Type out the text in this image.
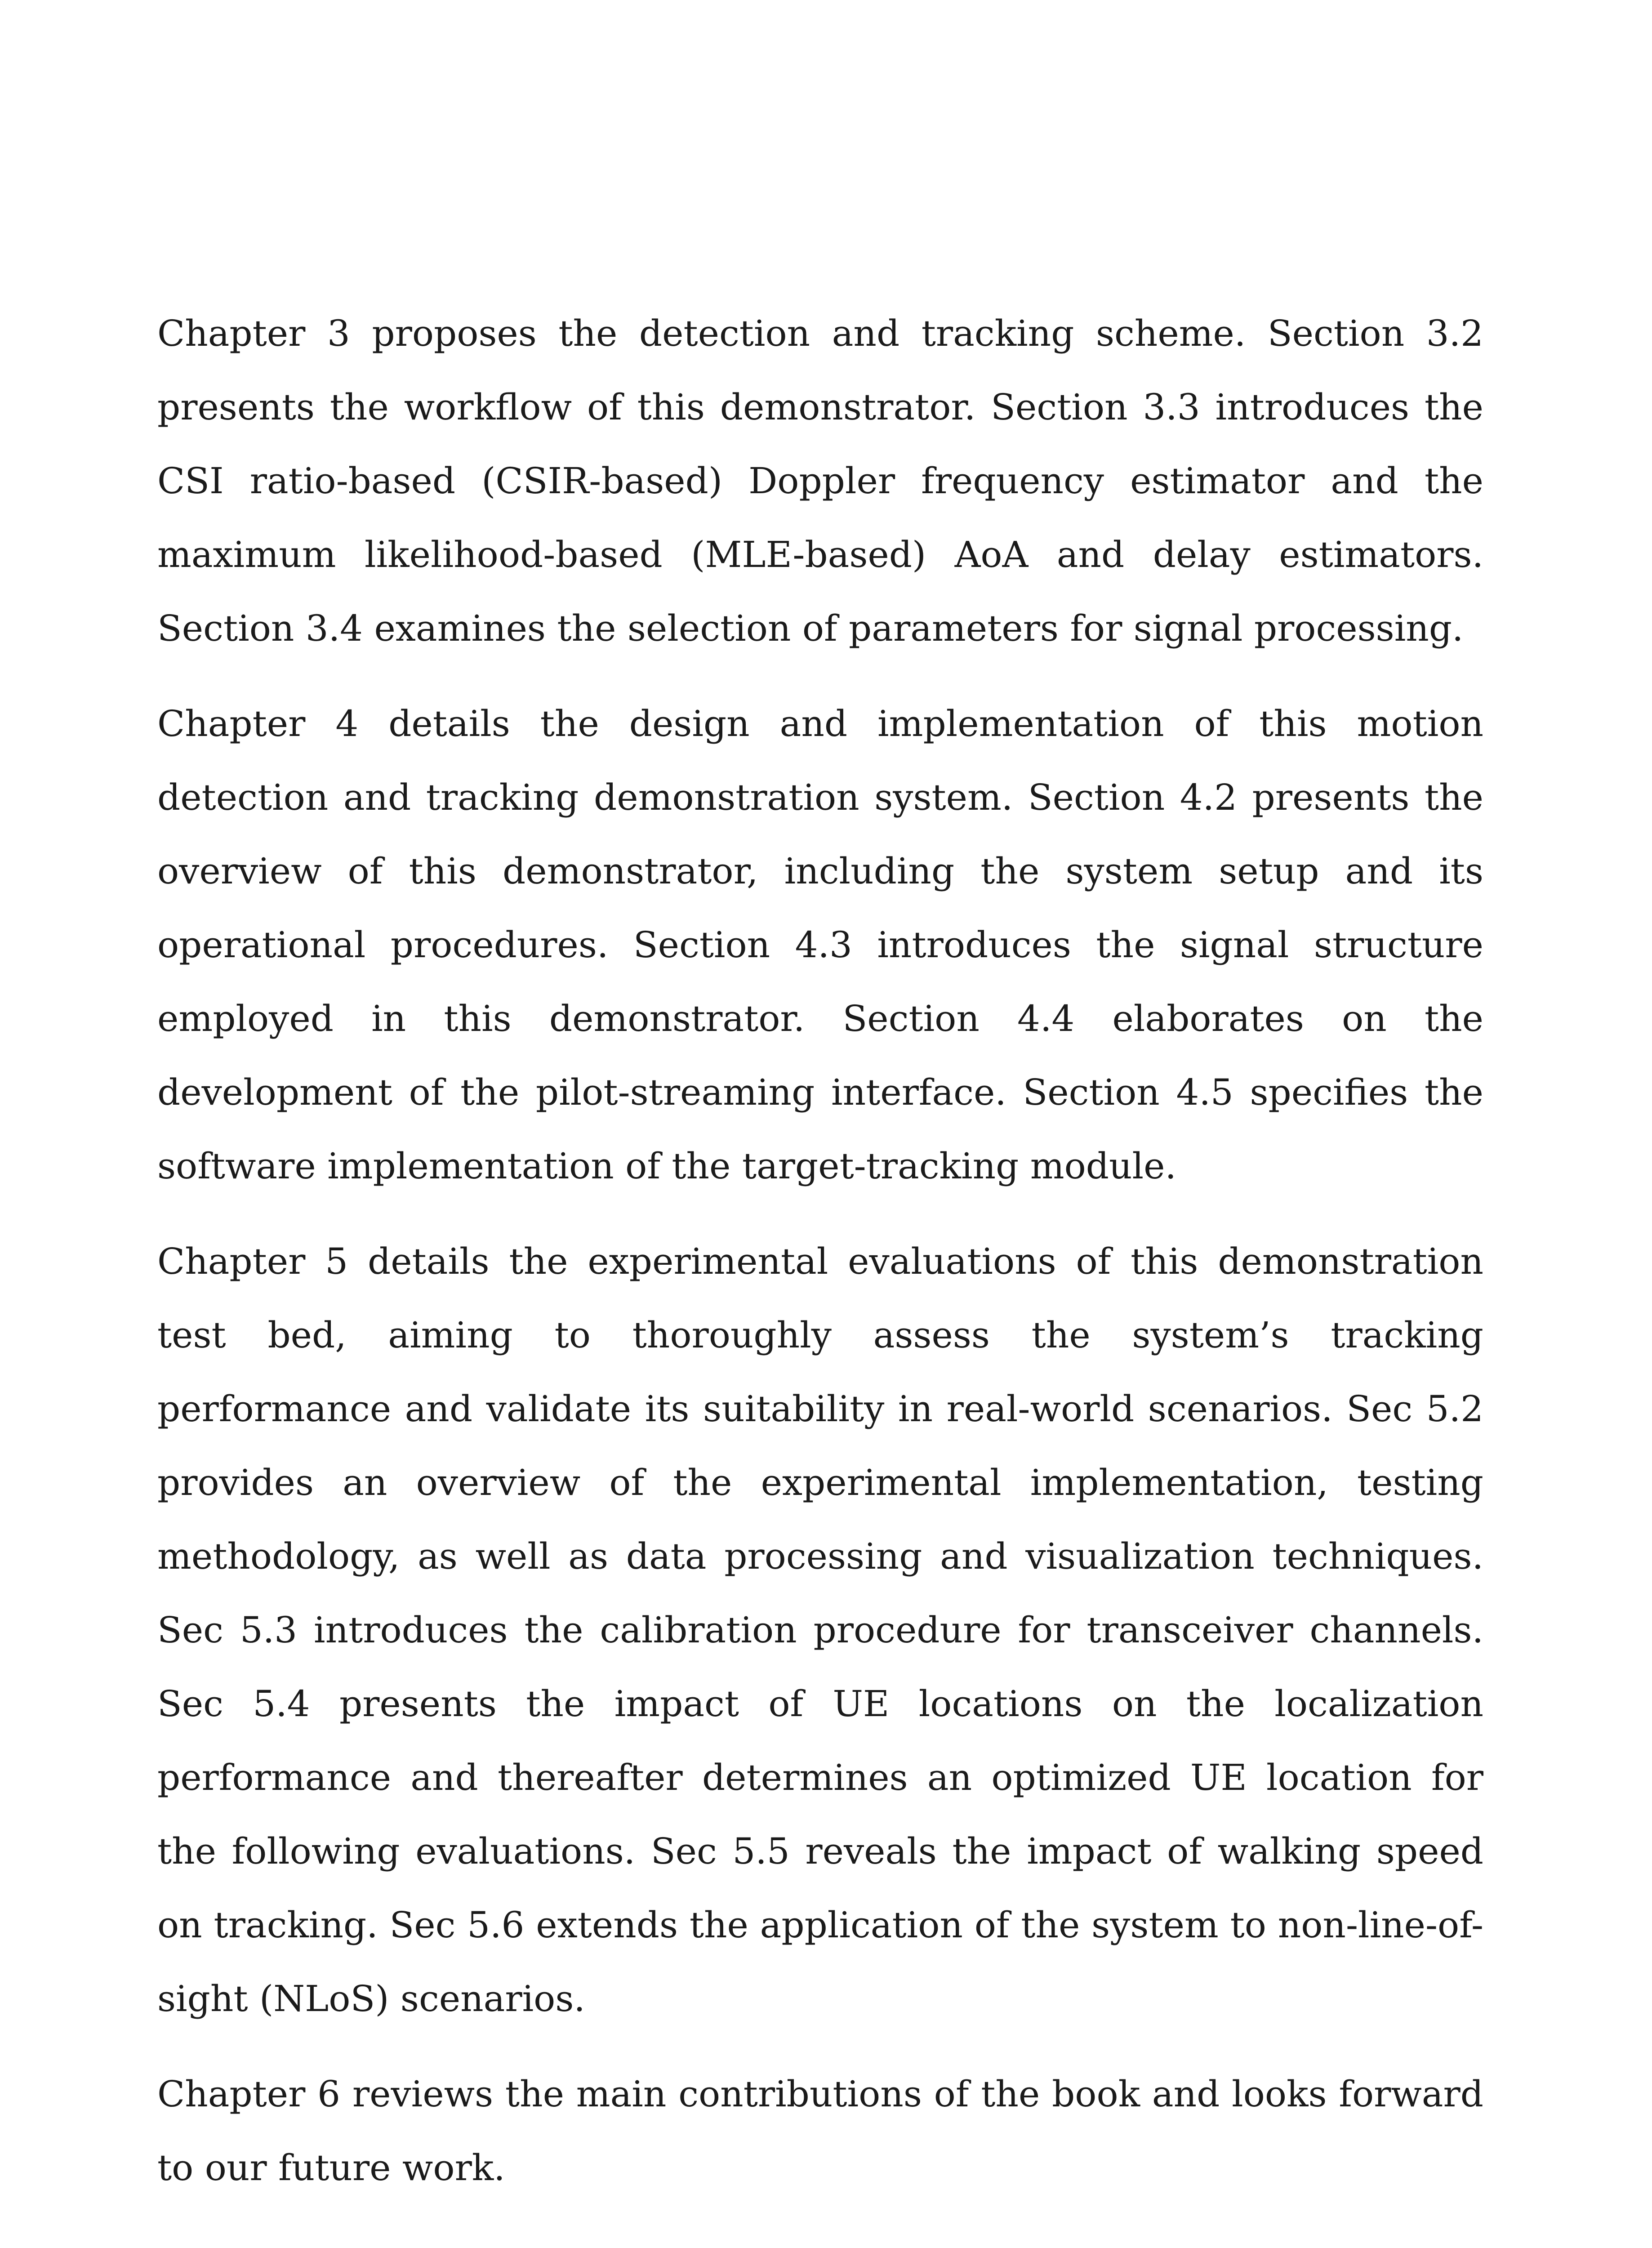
Chapter 3 proposes the detection and tracking scheme. Section 3.2 presents the workflow of this demonstrator. Section 3.3 introduces the CSI ratio-based (CSIR-based) Doppler frequency estimator and the maximum likelihood-based (MLE-based) AoA and delay estimators. Section 3.4 examines the selection of parameters for signal processing.

Chapter 4 details the design and implementation of this motion detection and tracking demonstration system. Section 4.2 presents the overview of this demonstrator, including the system setup and its operational procedures. Section 4.3 introduces the signal structure employed in this demonstrator. Section 4.4 elaborates on the development of the pilot-streaming interface. Section 4.5 specifies the software implementation of the target-tracking module.

Chapter 5 details the experimental evaluations of this demonstration test bed, aiming to thoroughly assess the system’s tracking performance and validate its suitability in real-world scenarios. Sec 5.2 provides an overview of the experimental implementation, testing methodology, as well as data processing and visualization techniques. Sec 5.3 introduces the calibration procedure for transceiver channels. Sec 5.4 presents the impact of UE locations on the localization performance and thereafter determines an optimized UE location for the following evaluations. Sec 5.5 reveals the impact of walking speed on tracking. Sec 5.6 extends the application of the system to non-line-of-sight (NLoS) scenarios.

Chapter 6 reviews the main contributions of the book and looks forward to our future work.
